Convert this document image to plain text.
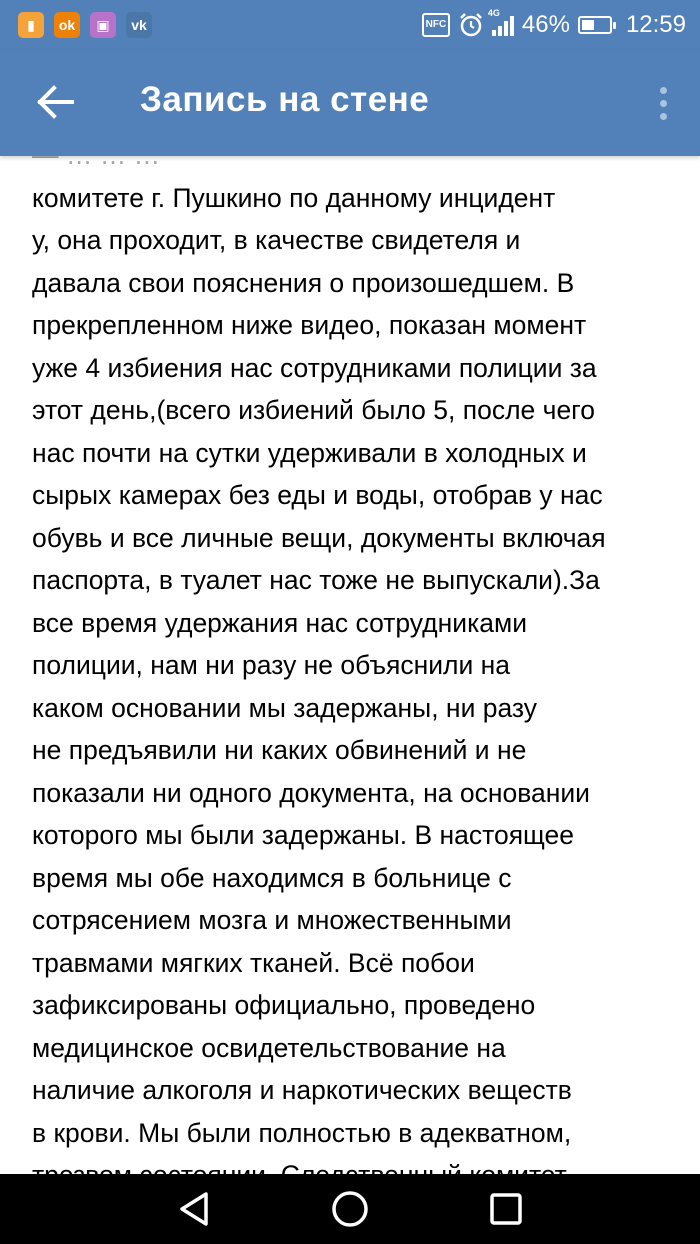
▮	ok	▣	vk	NFC
4G 46% 12:59
Запись на стене
комитете г. Пушкино по данному инцидент
у, она проходит, в качестве свидетеля и
давала свои пояснения о произошедшем. В
прекрепленном ниже видео, показан момент
уже 4 избиения нас сотрудниками полиции за
этот день,(всего избиений было 5, после чего
нас почти на сутки удерживали в холодных и
сырых камерах без еды и воды, отобрав у нас
обувь и все личные вещи, документы включая
паспорта, в туалет нас тоже не выпускали).За
все время удержания нас сотрудниками
полиции, нам ни разу не объяснили на
каком основании мы задержаны, ни разу
не предъявили ни каких обвинений и не
показали ни одного документа, на основании
которого мы были задержаны. В настоящее
время мы обе находимся в больнице с
сотрясением мозга и множественными
травмами мягких тканей. Всё побои
зафиксированы официально, проведено
медицинское освидетельствование на
наличие алкоголя и наркотических веществ
в крови. Мы были полностью в адекватном,
